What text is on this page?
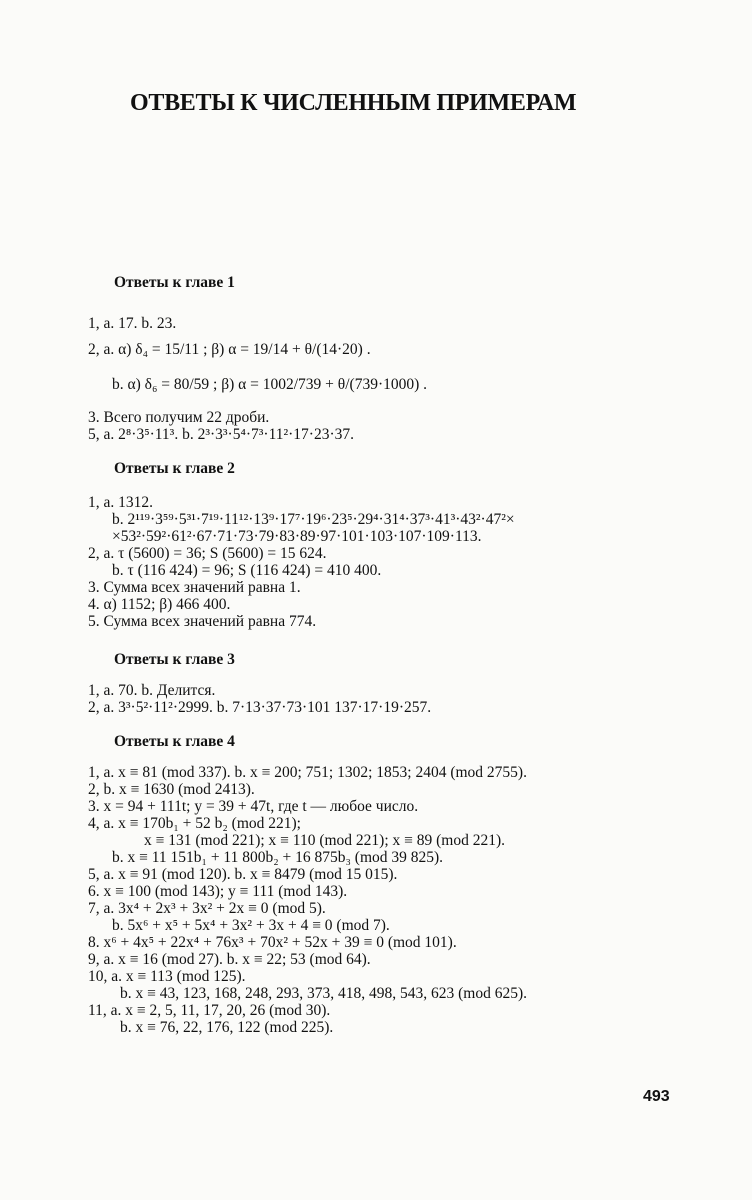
ОТВЕТЫ К ЧИСЛЕННЫМ ПРИМЕРАМ
Ответы к главе 1
1, a. 17. b. 23.
2, a. α) δ₄ = 15/11 ; β) α = 19/14 + θ/(14·20) .
b. α) δ₆ = 80/59 ; β) α = 1002/739 + θ/(739·1000) .
3. Всего получим 22 дроби.
5, a. 2⁸·3⁵·11³. b. 2³·3³·5⁴·7³·11²·17·23·37.
Ответы к главе 2
1, a. 1312.
b. 2¹¹⁹·3⁵⁹·5³¹·7¹⁹·11¹²·13⁹·17⁷·19⁶·23⁵·29⁴·31⁴·37³·41³·43²·47²×
×53²·59²·61²·67·71·73·79·83·89·97·101·103·107·109·113.
2, a. τ (5600) = 36; S (5600) = 15 624.
b. τ (116 424) = 96; S (116 424) = 410 400.
3. Сумма всех значений равна 1.
4. α) 1152; β) 466 400.
5. Сумма всех значений равна 774.
Ответы к главе 3
1, a. 70. b. Делится.
2, a. 3³·5²·11²·2999. b. 7·13·37·73·101 137·17·19·257.
Ответы к главе 4
1, a. x ≡ 81 (mod 337). b. x ≡ 200; 751; 1302; 1853; 2404 (mod 2755).
2, b. x ≡ 1630 (mod 2413).
3. x = 94 + 111t; y = 39 + 47t, где t — любое число.
4, a. x ≡ 170b₁ + 52 b₂ (mod 221);
x ≡ 131 (mod 221); x ≡ 110 (mod 221); x ≡ 89 (mod 221).
b. x ≡ 11 151b₁ + 11 800b₂ + 16 875b₃ (mod 39 825).
5, a. x ≡ 91 (mod 120). b. x ≡ 8479 (mod 15 015).
6. x ≡ 100 (mod 143); y ≡ 111 (mod 143).
7, a. 3x⁴ + 2x³ + 3x² + 2x ≡ 0 (mod 5).
b. 5x⁶ + x⁵ + 5x⁴ + 3x² + 3x + 4 ≡ 0 (mod 7).
8. x⁶ + 4x⁵ + 22x⁴ + 76x³ + 70x² + 52x + 39 ≡ 0 (mod 101).
9, a. x ≡ 16 (mod 27). b. x ≡ 22; 53 (mod 64).
10, a. x ≡ 113 (mod 125).
b. x ≡ 43, 123, 168, 248, 293, 373, 418, 498, 543, 623 (mod 625).
11, a. x ≡ 2, 5, 11, 17, 20, 26 (mod 30).
b. x ≡ 76, 22, 176, 122 (mod 225).
493
